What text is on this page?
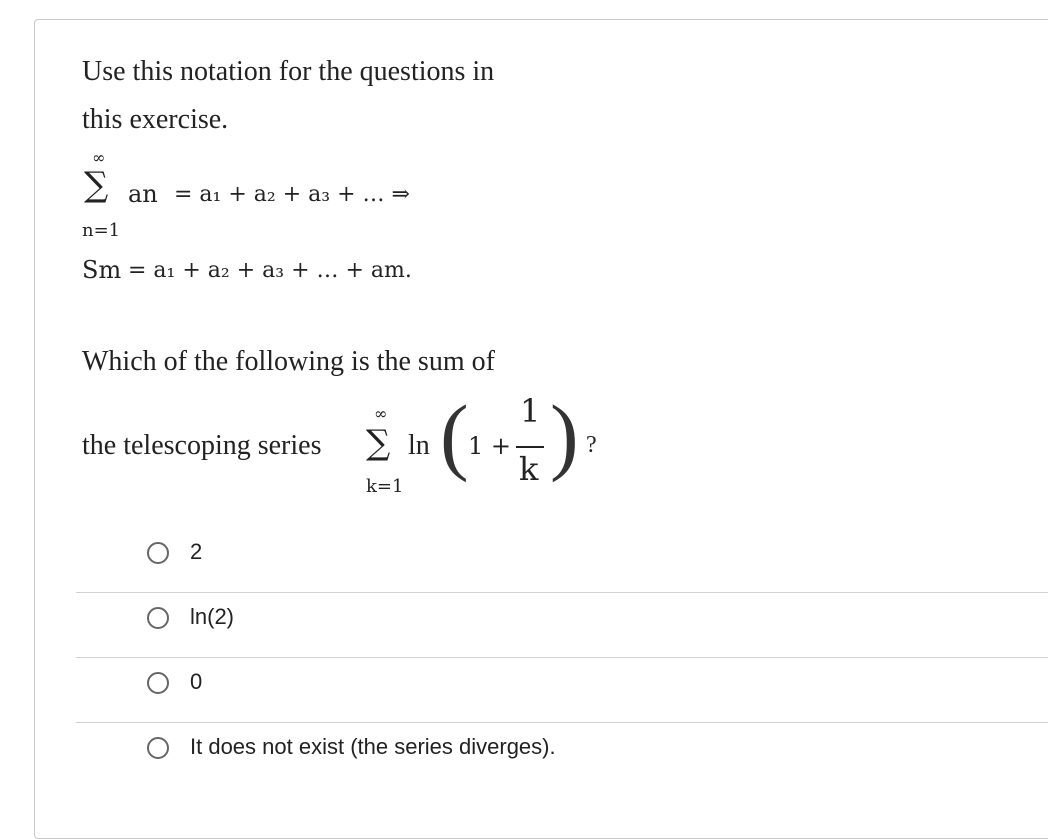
Use this notation for the questions in
this exercise.
∞
∑
n=1
an = a₁ + a₂ + a₃ + … ⇒
Sm = a₁ + a₂ + a₃ + … + am.
Which of the following is the sum of
the telescoping series
∞
∑
k=1
ln ( 1 +
1
k ) ?
2
ln(2)
0
It does not exist (the series diverges).
